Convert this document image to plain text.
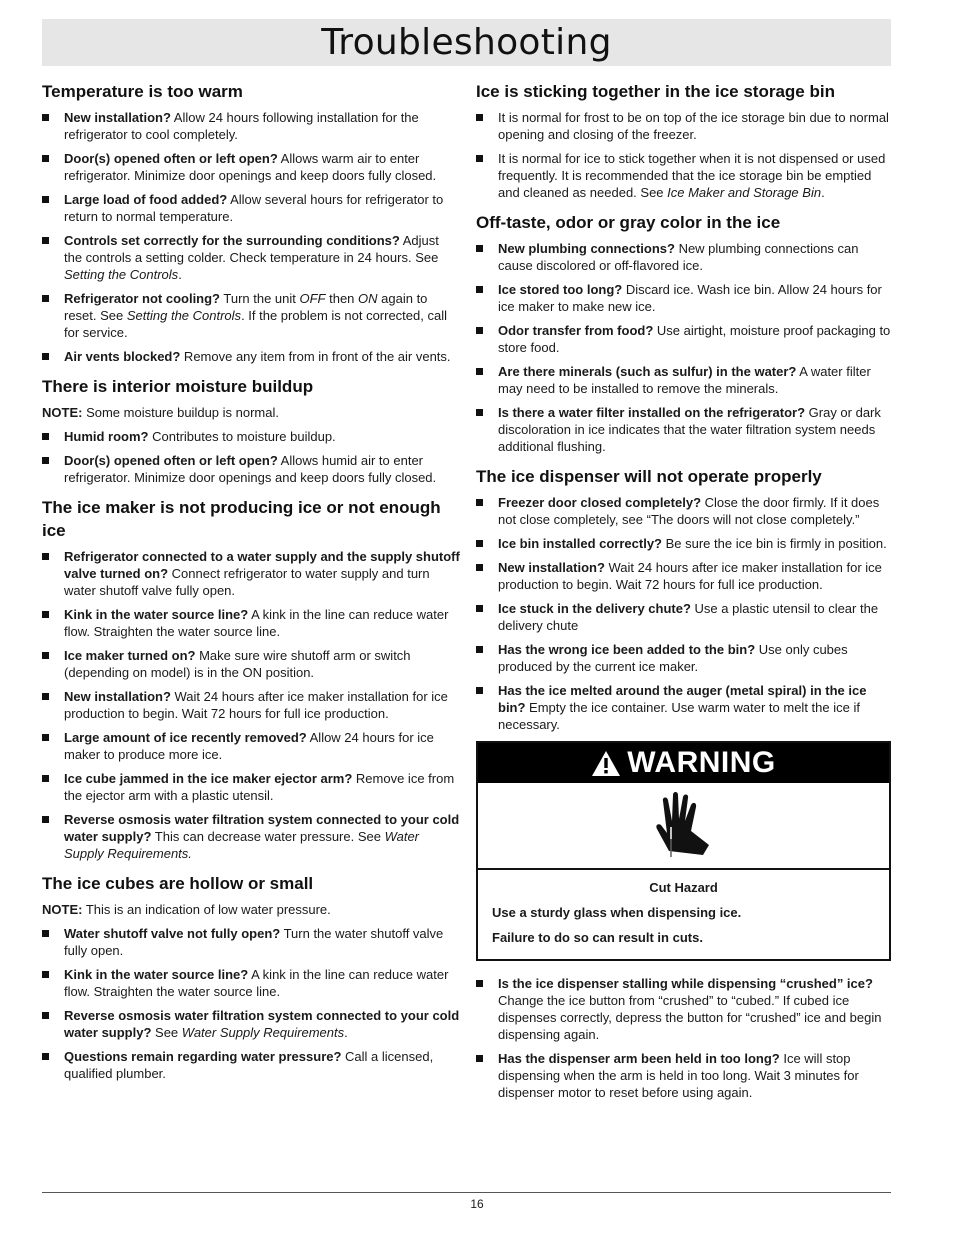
Troubleshooting
Temperature is too warm
New installation? Allow 24 hours following installation for the refrigerator to cool completely.
Door(s) opened often or left open? Allows warm air to enter refrigerator. Minimize door openings and keep doors fully closed.
Large load of food added? Allow several hours for refrigerator to return to normal temperature.
Controls set correctly for the surrounding conditions? Adjust the controls a setting colder. Check temperature in 24 hours. See Setting the Controls.
Refrigerator not cooling? Turn the unit OFF then ON again to reset. See Setting the Controls. If the problem is not corrected, call for service.
Air vents blocked? Remove any item from in front of the air vents.
There is interior moisture buildup

NOTE: Some moisture buildup is normal.

Humid room? Contributes to moisture buildup.
Door(s) opened often or left open? Allows humid air to enter refrigerator. Minimize door openings and keep doors fully closed.
The ice maker is not producing ice or not enough ice
Refrigerator connected to a water supply and the supply shutoff valve turned on? Connect refrigerator to water supply and turn water shutoff valve fully open.
Kink in the water source line? A kink in the line can reduce water flow. Straighten the water source line.
Ice maker turned on? Make sure wire shutoff arm or switch (depending on model) is in the ON position.
New installation? Wait 24 hours after ice maker installation for ice production to begin. Wait 72 hours for full ice production.
Large amount of ice recently removed? Allow 24 hours for ice maker to produce more ice.
Ice cube jammed in the ice maker ejector arm? Remove ice from the ejector arm with a plastic utensil.
Reverse osmosis water filtration system connected to your cold water supply? This can decrease water pressure. See Water Supply Requirements.
The ice cubes are hollow or small

NOTE: This is an indication of low water pressure.

Water shutoff valve not fully open? Turn the water shutoff valve fully open.
Kink in the water source line? A kink in the line can reduce water flow. Straighten the water source line.
Reverse osmosis water filtration system connected to your cold water supply? See Water Supply Requirements.
Questions remain regarding water pressure? Call a licensed, qualified plumber.
Ice is sticking together in the ice storage bin
It is normal for frost to be on top of the ice storage bin due to normal opening and closing of the freezer.
It is normal for ice to stick together when it is not dispensed or used frequently. It is recommended that the ice storage bin be emptied and cleaned as needed. See Ice Maker and Storage Bin.
Off-taste, odor or gray color in the ice
New plumbing connections? New plumbing connections can cause discolored or off-flavored ice.
Ice stored too long? Discard ice. Wash ice bin. Allow 24 hours for ice maker to make new ice.
Odor transfer from food? Use airtight, moisture proof packaging to store food.
Are there minerals (such as sulfur) in the water? A water filter may need to be installed to remove the minerals.
Is there a water filter installed on the refrigerator? Gray or dark discoloration in ice indicates that the water filtration system needs additional flushing.
The ice dispenser will not operate properly
Freezer door closed completely? Close the door firmly. If it does not close completely, see “The doors will not close completely.”
Ice bin installed correctly? Be sure the ice bin is firmly in position.
New installation? Wait 24 hours after ice maker installation for ice production to begin. Wait 72 hours for full ice production.
Ice stuck in the delivery chute? Use a plastic utensil to clear the delivery chute
Has the wrong ice been added to the bin? Use only cubes produced by the current ice maker.
Has the ice melted around the auger (metal spiral) in the ice bin? Empty the ice container. Use warm water to melt the ice if necessary.
WARNING

Cut Hazard

Use a sturdy glass when dispensing ice.

Failure to do so can result in cuts.

Is the ice dispenser stalling while dispensing “crushed” ice? Change the ice button from “crushed” to “cubed.” If cubed ice dispenses correctly, depress the button for “crushed” ice and begin dispensing again.
Has the dispenser arm been held in too long? Ice will stop dispensing when the arm is held in too long. Wait 3 minutes for dispenser motor to reset before using again.
16
